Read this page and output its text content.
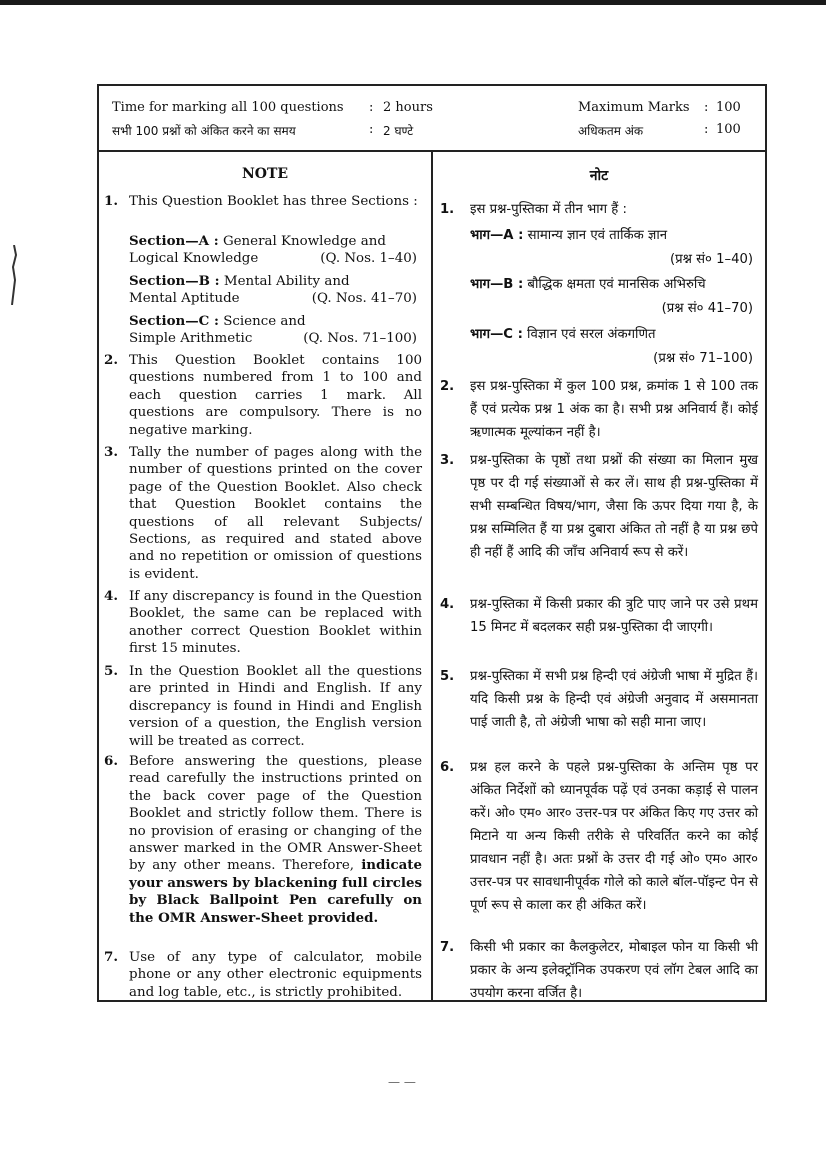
Time for marking all 100 questions : 2 hours
सभी 100 प्रश्नों को अंकित करने का समय	: 2 घण्टे
Maximum Marks : 100
अधिकतम अंक	: 100
NOTE
1. This Question Booklet has three Sections :
Section—A : General Knowledge and
Logical Knowledge	(Q. Nos. 1–40)
Section—B : Mental Ability and
Mental Aptitude	(Q. Nos. 41–70)
Section—C : Science and
Simple Arithmetic	(Q. Nos. 71–100)
2. This Question Booklet contains 100 questions numbered from 1 to 100 and each question carries 1 mark. All questions are compulsory. There is no negative marking.
3. Tally the number of pages along with the number of questions printed on the cover page of the Question Booklet. Also check that Question Booklet contains the questions of all relevant Subjects/ Sections, as required and stated above and no repetition or omission of questions is evident.
4. If any discrepancy is found in the Question Booklet, the same can be replaced with another correct Question Booklet within first 15 minutes.
5. In the Question Booklet all the questions are printed in Hindi and English. If any discrepancy is found in Hindi and English version of a question, the English version will be treated as correct.
6. Before answering the questions, please read carefully the instructions printed on the back cover page of the Question Booklet and strictly follow them. There is no provision of erasing or changing of the answer marked in the OMR Answer-Sheet by any other means. Therefore, indicate your answers by blackening full circles by Black Ballpoint Pen carefully on the OMR Answer-Sheet provided.
7. Use of any type of calculator, mobile phone or any other electronic equipments and log table, etc., is strictly prohibited.
नोट
1. इस प्रश्न-पुस्तिका में तीन भाग हैं :
भाग—A : सामान्य ज्ञान एवं तार्किक ज्ञान
(प्रश्न सं० 1–40)
भाग—B : बौद्धिक क्षमता एवं मानसिक अभिरुचि
(प्रश्न सं० 41–70)
भाग—C : विज्ञान एवं सरल अंकगणित
(प्रश्न सं० 71–100)
2. इस प्रश्न-पुस्तिका में कुल 100 प्रश्न, क्रमांक 1 से 100 तक हैं एवं प्रत्येक प्रश्न 1 अंक का है। सभी प्रश्न अनिवार्य हैं। कोई ऋणात्मक मूल्यांकन नहीं है।
3. प्रश्न-पुस्तिका के पृष्ठों तथा प्रश्नों की संख्या का मिलान मुख पृष्ठ पर दी गई संख्याओं से कर लें। साथ ही प्रश्न-पुस्तिका में सभी सम्बन्धित विषय/भाग, जैसा कि ऊपर दिया गया है, के प्रश्न सम्मिलित हैं या प्रश्न दुबारा अंकित तो नहीं है या प्रश्न छपे ही नहीं हैं आदि की जाँच अनिवार्य रूप से करें।
4. प्रश्न-पुस्तिका में किसी प्रकार की त्रुटि पाए जाने पर उसे प्रथम 15 मिनट में बदलकर सही प्रश्न-पुस्तिका दी जाएगी।
5. प्रश्न-पुस्तिका में सभी प्रश्न हिन्दी एवं अंग्रेजी भाषा में मुद्रित हैं। यदि किसी प्रश्न के हिन्दी एवं अंग्रेजी अनुवाद में असमानता पाई जाती है, तो अंग्रेजी भाषा को सही माना जाए।
6. प्रश्न हल करने के पहले प्रश्न-पुस्तिका के अन्तिम पृष्ठ पर अंकित निर्देशों को ध्यानपूर्वक पढ़ें एवं उनका कड़ाई से पालन करें। ओ० एम० आर० उत्तर-पत्र पर अंकित किए गए उत्तर को मिटाने या अन्य किसी तरीके से परिवर्तित करने का कोई प्रावधान नहीं है। अतः प्रश्नों के उत्तर दी गई ओ० एम० आर० उत्तर-पत्र पर सावधानीपूर्वक गोले को काले बॉल-पॉइन्ट पेन से पूर्ण रूप से काला कर ही अंकित करें।
7. किसी भी प्रकार का कैलकुलेटर, मोबाइल फोन या किसी भी प्रकार के अन्य इलेक्ट्रॉनिक उपकरण एवं लॉग टेबल आदि का उपयोग करना वर्जित है।
— —
